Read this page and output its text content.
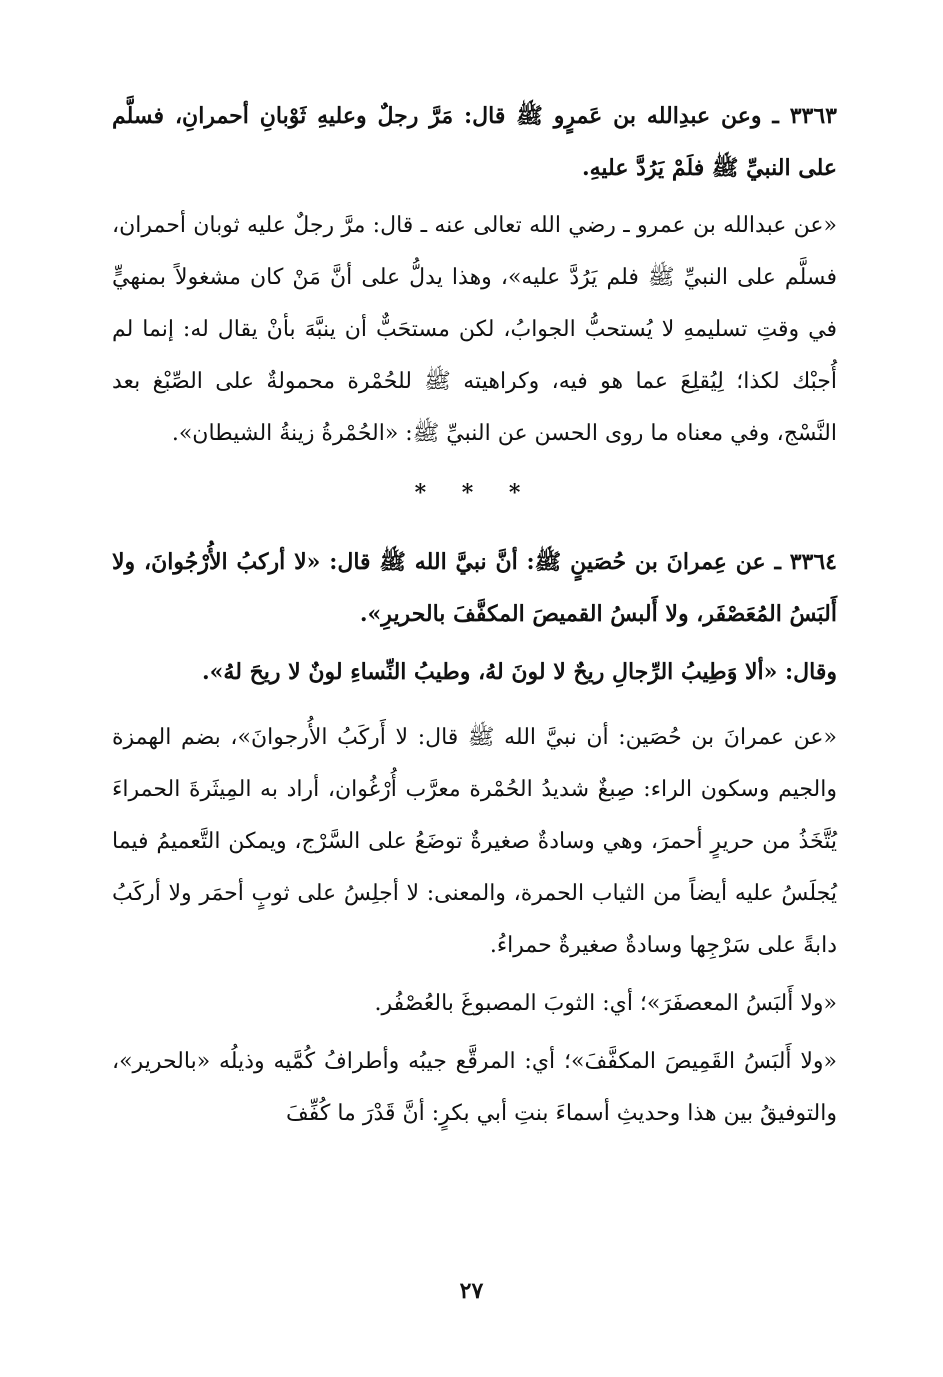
٣٣٦٣ ـ وعن عبدِالله بن عَمرٍو ﷺ قال: مَرَّ رجلٌ وعليهِ ثَوْبانِ أحمرانِ، فسلَّم على النبيِّ ﷺ فلَمْ يَرُدَّ عليهِ.

«عن عبدالله بن عمرو ـ رضي الله تعالى عنه ـ قال: مرَّ رجلٌ عليه ثوبان أحمران، فسلَّم على النبيِّ ﷺ فلم يَرُدَّ عليه»، وهذا يدلُّ على أنَّ مَنْ كان مشغولاً بمنهيٍّ في وقتِ تسليمهِ لا يُستحبُّ الجوابُ، لكن مستحَبٌّ أن ينبَّهَ بأنْ يقال له: إنما لم أُجبْك لكذا؛ لِيُقلِعَ عما هو فيه، وكراهيته ﷺ للحُمْرة محمولةٌ على الصِّبْغ بعد النَّسْج، وفي معناه ما روى الحسن عن النبيِّ ﷺ: «الحُمْرةُ زينةُ الشيطان».

* * *

٣٣٦٤ ـ عن عِمرانَ بن حُصَينٍ ﷺ: أنَّ نبيَّ الله ﷺ قال: «لا أركبُ الأُرْجُوانَ، ولا أَلبَسُ المُعَصْفَر، ولا أَلبسُ القميصَ المكفَّفَ بالحريرِ».

وقال: «ألا وَطِيبُ الرِّجالِ ريحٌ لا لونَ لهُ، وطيبُ النِّساءِ لونٌ لا ريحَ لهُ».

«عن عمرانَ بن حُصَين: أن نبيَّ الله ﷺ قال: لا أَركَبُ الأُرجوانَ»، بضم الهمزة والجيم وسكون الراء: صِبغٌ شديدُ الحُمْرة معرَّب أُرْغُوان، أراد به المِيثَرةَ الحمراءَ يُتَّخَذُ من حريرٍ أحمرَ، وهي وسادةٌ صغيرةٌ توضَعُ على السَّرْج، ويمكن التَّعميمُ فيما يُجلَسُ عليه أيضاً من الثياب الحمرة، والمعنى: لا أجلِسُ على ثوبٍ أحمَر ولا أركَبُ دابةً على سَرْجِها وسادةٌ صغيرةٌ حمراءُ.

«ولا أَلبَسُ المعصفَرَ»؛ أي: الثوبَ المصبوغَ بالعُصْفُر.

«ولا أَلبَسُ القَمِيصَ المكفَّفَ»؛ أي: المرقَّع جيبُه وأطرافُ كُمَّيه وذيلُه «بالحرير»، والتوفيقُ بين هذا وحديثِ أسماءَ بنتِ أبي بكرٍ: أنَّ قَدْرَ ما كُفِّفَ

٢٧
